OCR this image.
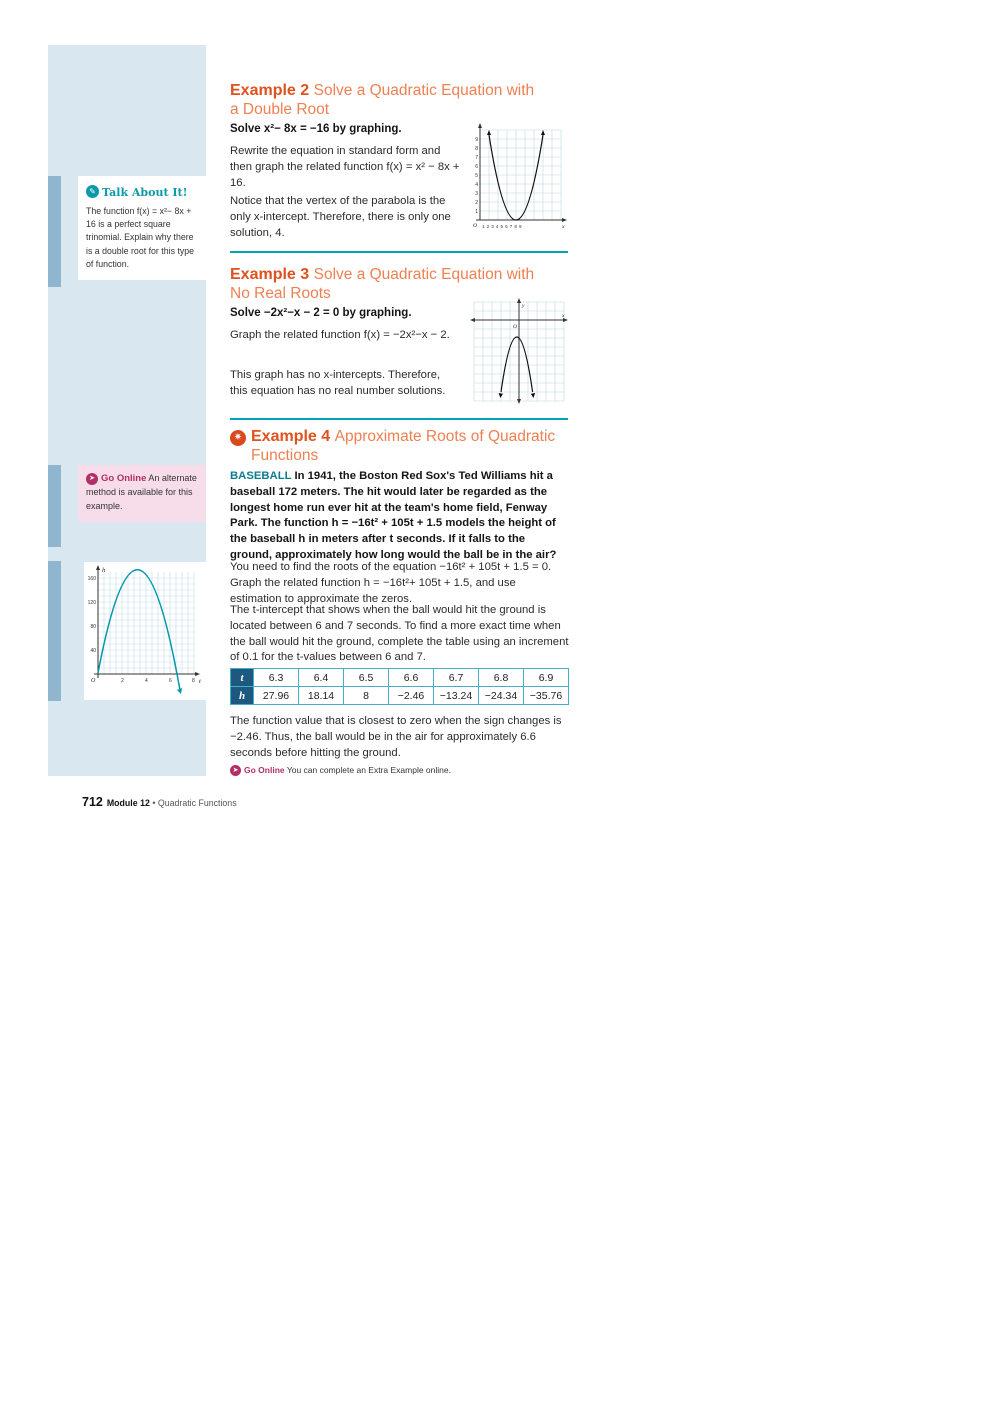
✎ Talk About It!
The function f(x) = x²− 8x + 16 is a perfect square trinomial. Explain why there is a double root for this type of function.
➤ Go Online An alternate method is available for this example.
h
160
120
80
40
O	2	4	6	8 t
Example 2 Solve a Quadratic Equation with
a Double Root
Solve x²− 8x = −16 by graphing.
Rewrite the equation in standard form and then graph the related function f(x) = x² − 8x + 16.
Notice that the vertex of the parabola is the only x-intercept. Therefore, there is only one solution, 4.
9
8
7
6
5
4
3
2
1
O 1 2 3 4 5 6 7 8 9	x
Example 3 Solve a Quadratic Equation with
No Real Roots
Solve −2x²−x − 2 = 0 by graphing.
Graph the related function f(x) = −2x²−x − 2.
This graph has no x-intercepts. Therefore, this equation has no real number solutions.
y
O
x
✷ Example 4 Approximate Roots of Quadratic
Functions
BASEBALL In 1941, the Boston Red Sox's Ted Williams hit a baseball 172 meters. The hit would later be regarded as the longest home run ever hit at the team's home field, Fenway Park. The function h = −16t² + 105t + 1.5 models the height of the baseball h in meters after t seconds. If it falls to the ground, approximately how long would the ball be in the air?
You need to find the roots of the equation −16t² + 105t + 1.5 = 0. Graph the related function h = −16t²+ 105t + 1.5, and use estimation to approximate the zeros.
The t-intercept that shows when the ball would hit the ground is located between 6 and 7 seconds. To find a more exact time when the ball would hit the ground, complete the table using an increment of 0.1 for the t-values between 6 and 7.
t	6.3	6.4	6.5	6.6	6.7	6.8	6.9
h	27.96	18.14	8	−2.46	−13.24	−24.34	−35.76
The function value that is closest to zero when the sign changes is −2.46. Thus, the ball would be in the air for approximately 6.6 seconds before hitting the ground.
➤ Go Online You can complete an Extra Example online.
712 Module 12 • Quadratic Functions
